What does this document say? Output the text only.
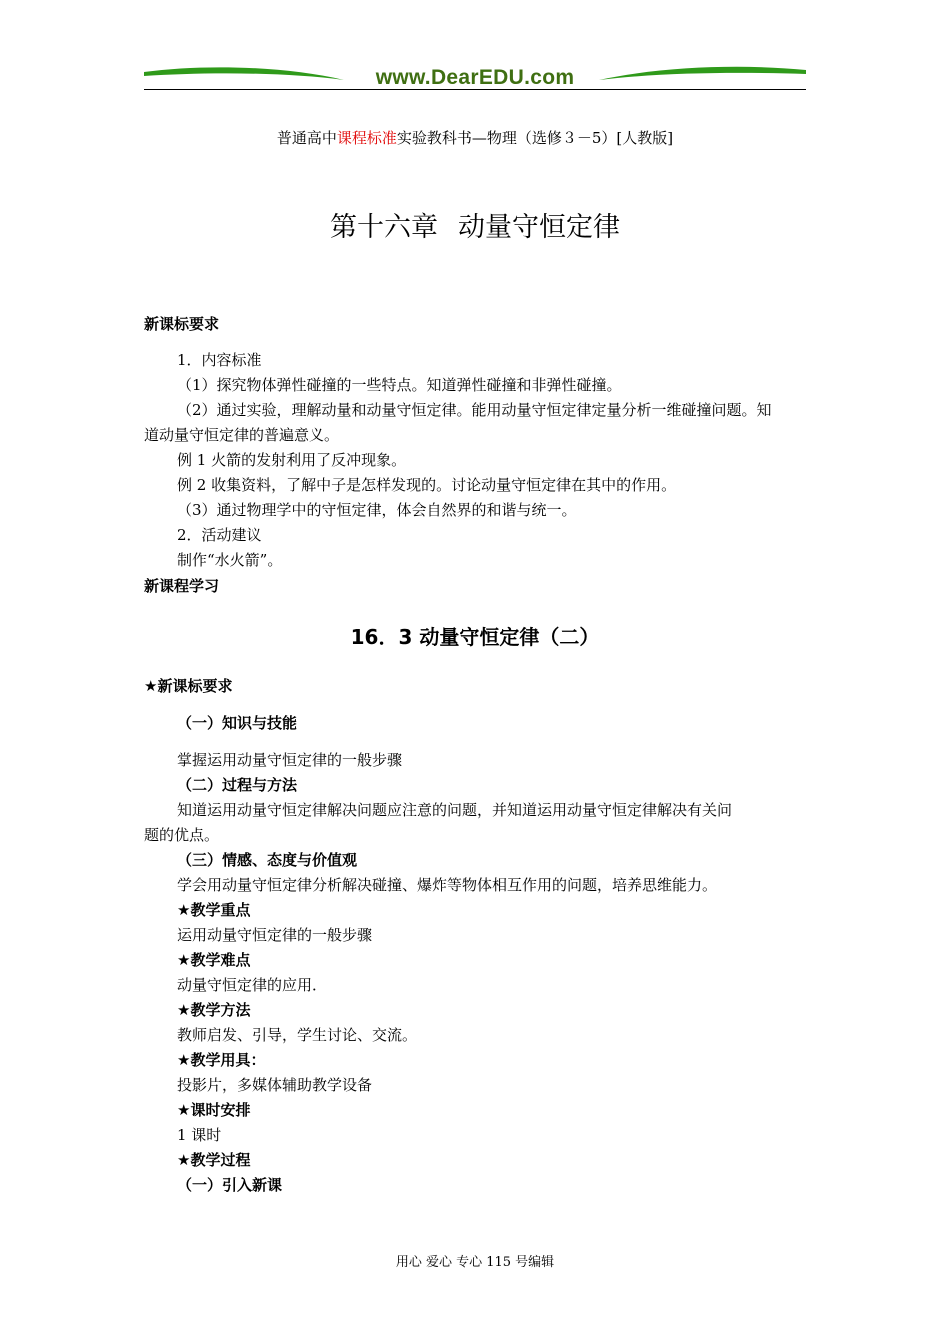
www.DearEDU.com
普通高中课程标准实验教科书—物理（选修３－5）[人教版]
第十六章 动量守恒定律
新课标要求
1．内容标准
（1）探究物体弹性碰撞的一些特点。知道弹性碰撞和非弹性碰撞。
（2）通过实验，理解动量和动量守恒定律。能用动量守恒定律定量分析一维碰撞问题。知
道动量守恒定律的普遍意义。
例 1 火箭的发射利用了反冲现象。
例 2 收集资料，了解中子是怎样发现的。讨论动量守恒定律在其中的作用。
（3）通过物理学中的守恒定律，体会自然界的和谐与统一。
2．活动建议
制作“水火箭”。
新课程学习
16．3 动量守恒定律（二）
★新课标要求
（一）知识与技能
掌握运用动量守恒定律的一般步骤
（二）过程与方法
知道运用动量守恒定律解决问题应注意的问题，并知道运用动量守恒定律解决有关问
题的优点。
（三）情感、态度与价值观
学会用动量守恒定律分析解决碰撞、爆炸等物体相互作用的问题，培养思维能力。
★教学重点
运用动量守恒定律的一般步骤
★教学难点
动量守恒定律的应用．
★教学方法
教师启发、引导，学生讨论、交流。
★教学用具：
投影片，多媒体辅助教学设备
★课时安排
1 课时
★教学过程
（一）引入新课
用心 爱心 专心 115 号编辑
